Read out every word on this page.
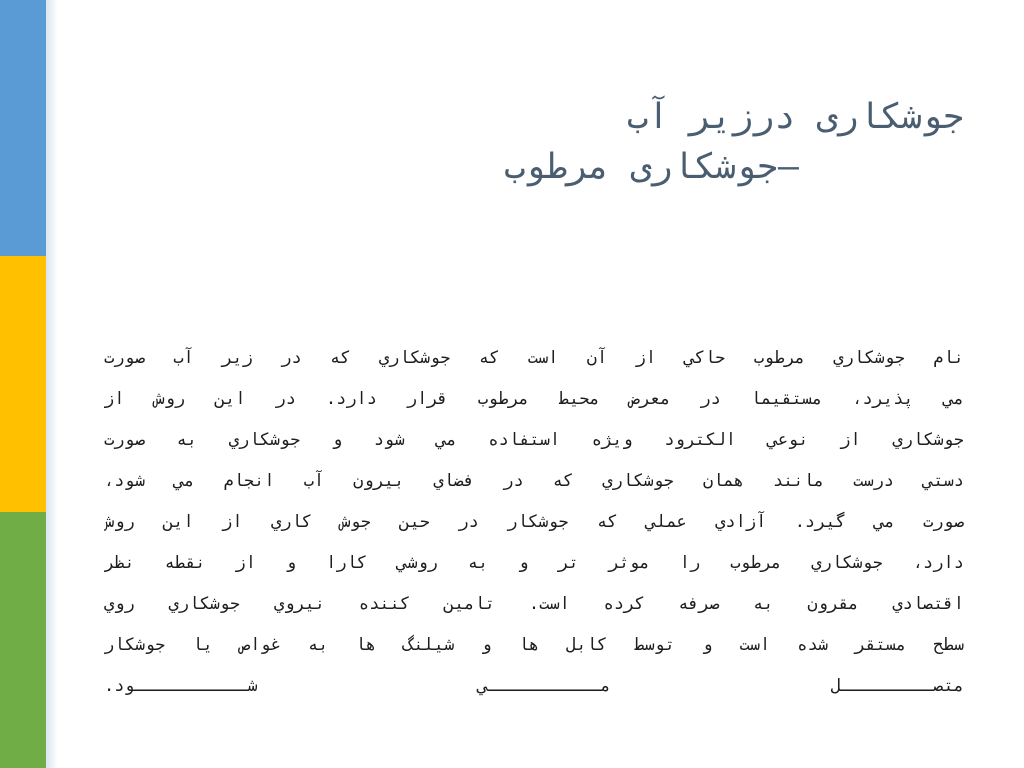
جوشکاری درزیر آب
–جوشکاری مرطوب
نام جوشكاري مرطوب حاكي از آن است كه جوشكاري كه در زير آب صورت
مي پذيرد، مستقيما در معرض محيط مرطوب قرار دارد. در اين روش از
جوشكاري از نوعي الكترود ويژه استفاده مي شود و جوشكاري به صورت
دستي درست مانند همان جوشكاري كه در فضاي بيرون آب انجام مي شود،
صورت مي گيرد. آزادي عملي كه جوشكار در حين جوش كاري از اين روش
دارد، جوشكاري مرطوب را موثر تر و به روشي كارا و از نقطه نظر
اقتصادي مقرون به صرفه كرده است. تامين كننده نيروي جوشكاري روي
سطح مستقر شده است و توسط كابل ها و شيلنگ ها به غواص يا جوشكار
متصـــــــــل مـــــــــــي شـــــــــــود.
